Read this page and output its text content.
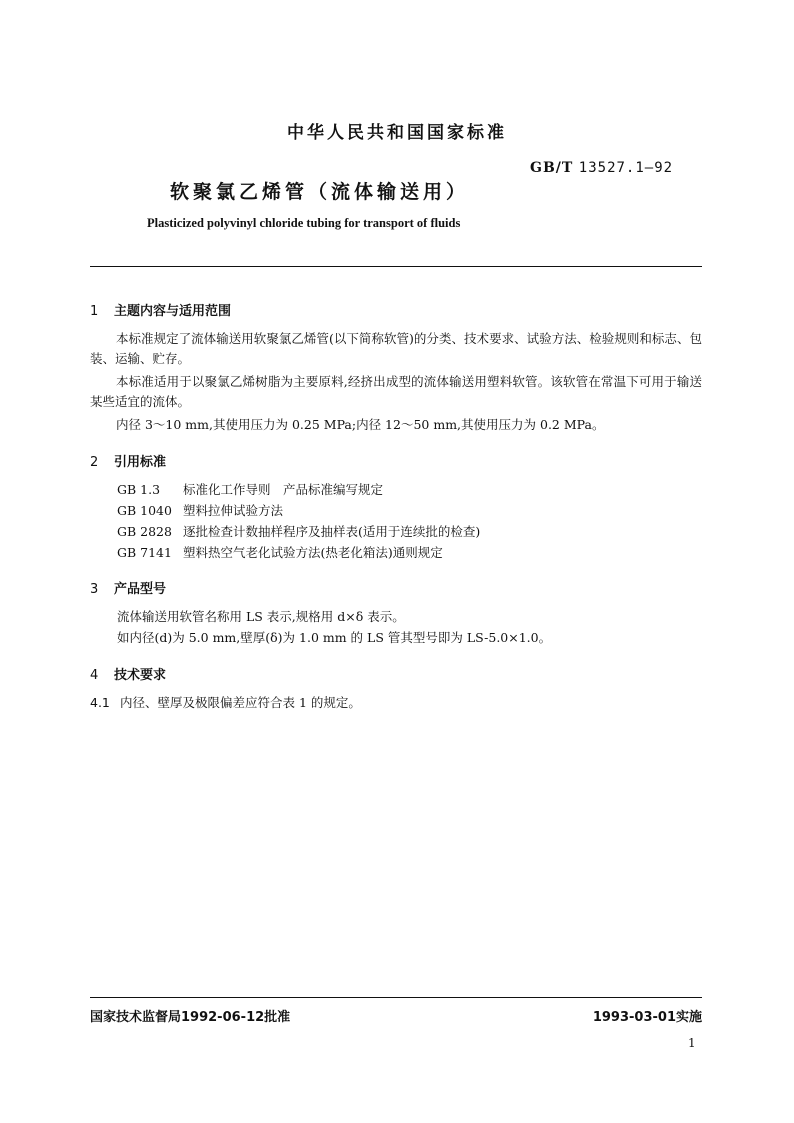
中华人民共和国国家标准
GB/T 13527.1—92
软聚氯乙烯管（流体输送用）
Plasticized polyvinyl chloride tubing for transport of fluids
1 主题内容与适用范围
本标准规定了流体输送用软聚氯乙烯管(以下简称软管)的分类、技术要求、试验方法、检验规则和标志、包装、运输、贮存。
本标准适用于以聚氯乙烯树脂为主要原料,经挤出成型的流体输送用塑料软管。该软管在常温下可用于输送某些适宜的流体。
内径 3～10 mm,其使用压力为 0.25 MPa;内径 12～50 mm,其使用压力为 0.2 MPa。
2 引用标准
GB 1.3 标准化工作导则　产品标准编写规定
GB 1040 塑料拉伸试验方法
GB 2828 逐批检查计数抽样程序及抽样表(适用于连续批的检查)
GB 7141 塑料热空气老化试验方法(热老化箱法)通则规定
3 产品型号
流体输送用软管名称用 LS 表示,规格用 d×δ 表示。
如内径(d)为 5.0 mm,壁厚(δ)为 1.0 mm 的 LS 管其型号即为 LS-5.0×1.0。
4 技术要求
4.1 内径、壁厚及极限偏差应符合表 1 的规定。
国家技术监督局1992-06-12批准	1993-03-01实施
1
